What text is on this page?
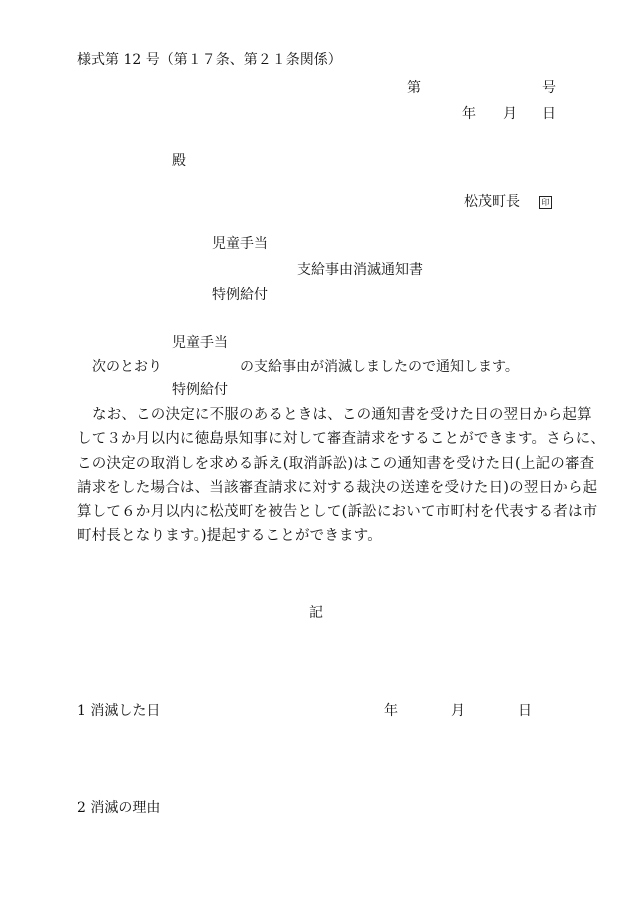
様式第 12 号（第１７条、第２１条関係）
第	号
年 月 日
殿
松茂町長	印
児童手当
支給事由消滅通知書
特例給付
児童手当
次のとおり	の支給事由が消滅しましたので通知します。
特例給付
なお、この決定に不服のあるときは、この通知書を受けた日の翌日から起算
して３か月以内に徳島県知事に対して審査請求をすることができます。さらに、
この決定の取消しを求める訴え(取消訴訟)はこの通知書を受けた日(上記の審査
請求をした場合は、当該審査請求に対する裁決の送達を受けた日)の翌日から起
算して６か月以内に松茂町を被告として(訴訟において市町村を代表する者は市
町村長となります。)提起することができます。
記
1 消滅した日	年	月	日
2 消滅の理由
